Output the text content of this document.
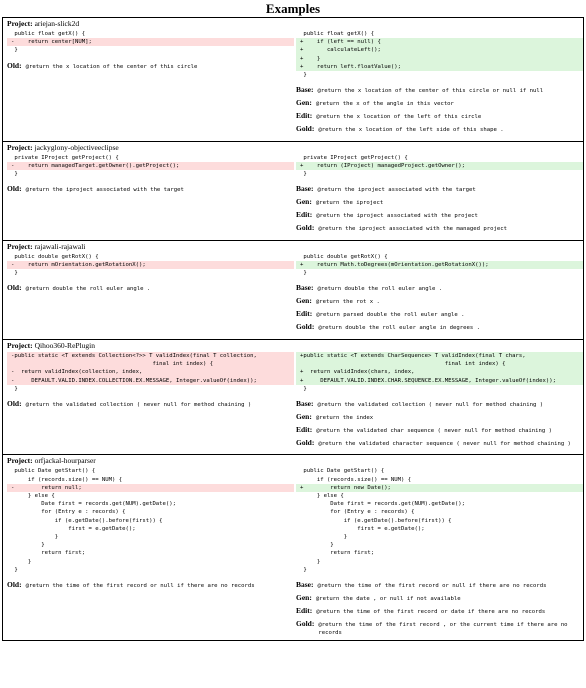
Examples
Project: ariejan-slick2d
public float getX() {
-    return center[NUM];
}
Old: @return the x location of the center of this circle
public float getX() {
+    if (left == null) {
+       calculateLeft();
+    }
+    return left.floatValue();
}
Base: @return the x location of the center of this circle or null if null
Gen: @return the x of the angle in this vector
Edit: @return the x location of the left of this circle
Gold: @return the x location of the left side of this shape .
Project: jackyglony-objectiveeclipse
private IProject getProject() {
-    return managedTarget.getOwner().getProject();
}
Old: @return the iproject associated with the target
private IProject getProject() {
+    return (IProject) managedProject.getOwner();
}
Base: @return the iproject associated with the target
Gen: @return the iproject
Edit: @return the iproject associated with the project
Gold: @return the iproject associated with the managed project
Project: rajawali-rajawali
public double getRotX() {
-    return mOrientation.getRotationX();
}
Old: @return double the roll euler angle .
public double getRotX() {
+    return Math.toDegrees(mOrientation.getRotationX());
}
Base: @return double the roll euler angle .
Gen: @return the rot x .
Edit: @return parsed double the roll euler angle .
Gold: @return double the roll euler angle in degrees .
Project: Qihoo360-RePlugin
-public static <T extends Collection<?>> T validIndex(final T collection,
final int index) {
-  return validIndex(collection, index,
-     DEFAULT.VALID.INDEX.COLLECTION.EX.MESSAGE, Integer.valueOf(index));
}
Old: @return the validated collection ( never null for method chaining )
+public static <T extends CharSequence> T validIndex(final T chars,
final int index) {
+  return validIndex(chars, index,
+     DEFAULT.VALID.INDEX.CHAR.SEQUENCE.EX.MESSAGE, Integer.valueOf(index));
}
Base: @return the validated collection ( never null for method chaining )
Gen: @return the index
Edit: @return the validated char sequence ( never null for method chaining )
Gold: @return the validated character sequence ( never null for method chaining )
Project: orfjackal-hourparser
public Date getStart() {
if (records.size() == NUM) {
-        return null;
} else {
Date first = records.get(NUM).getDate();
for (Entry e : records) {
if (e.getDate().before(first)) {
first = e.getDate();
}
}
return first;
}
}
Old: @return the time of the first record or null if there are no records
public Date getStart() {
if (records.size() == NUM) {
+        return new Date();
} else {
Date first = records.get(NUM).getDate();
for (Entry e : records) {
if (e.getDate().before(first)) {
first = e.getDate();
}
}
return first;
}
}
Base: @return the time of the first record or null if there are no records
Gen: @return the date , or null if not available
Edit: @return the time of the first record or date if there are no records
Gold: @return the time of the first record , or the current time if there are no records
